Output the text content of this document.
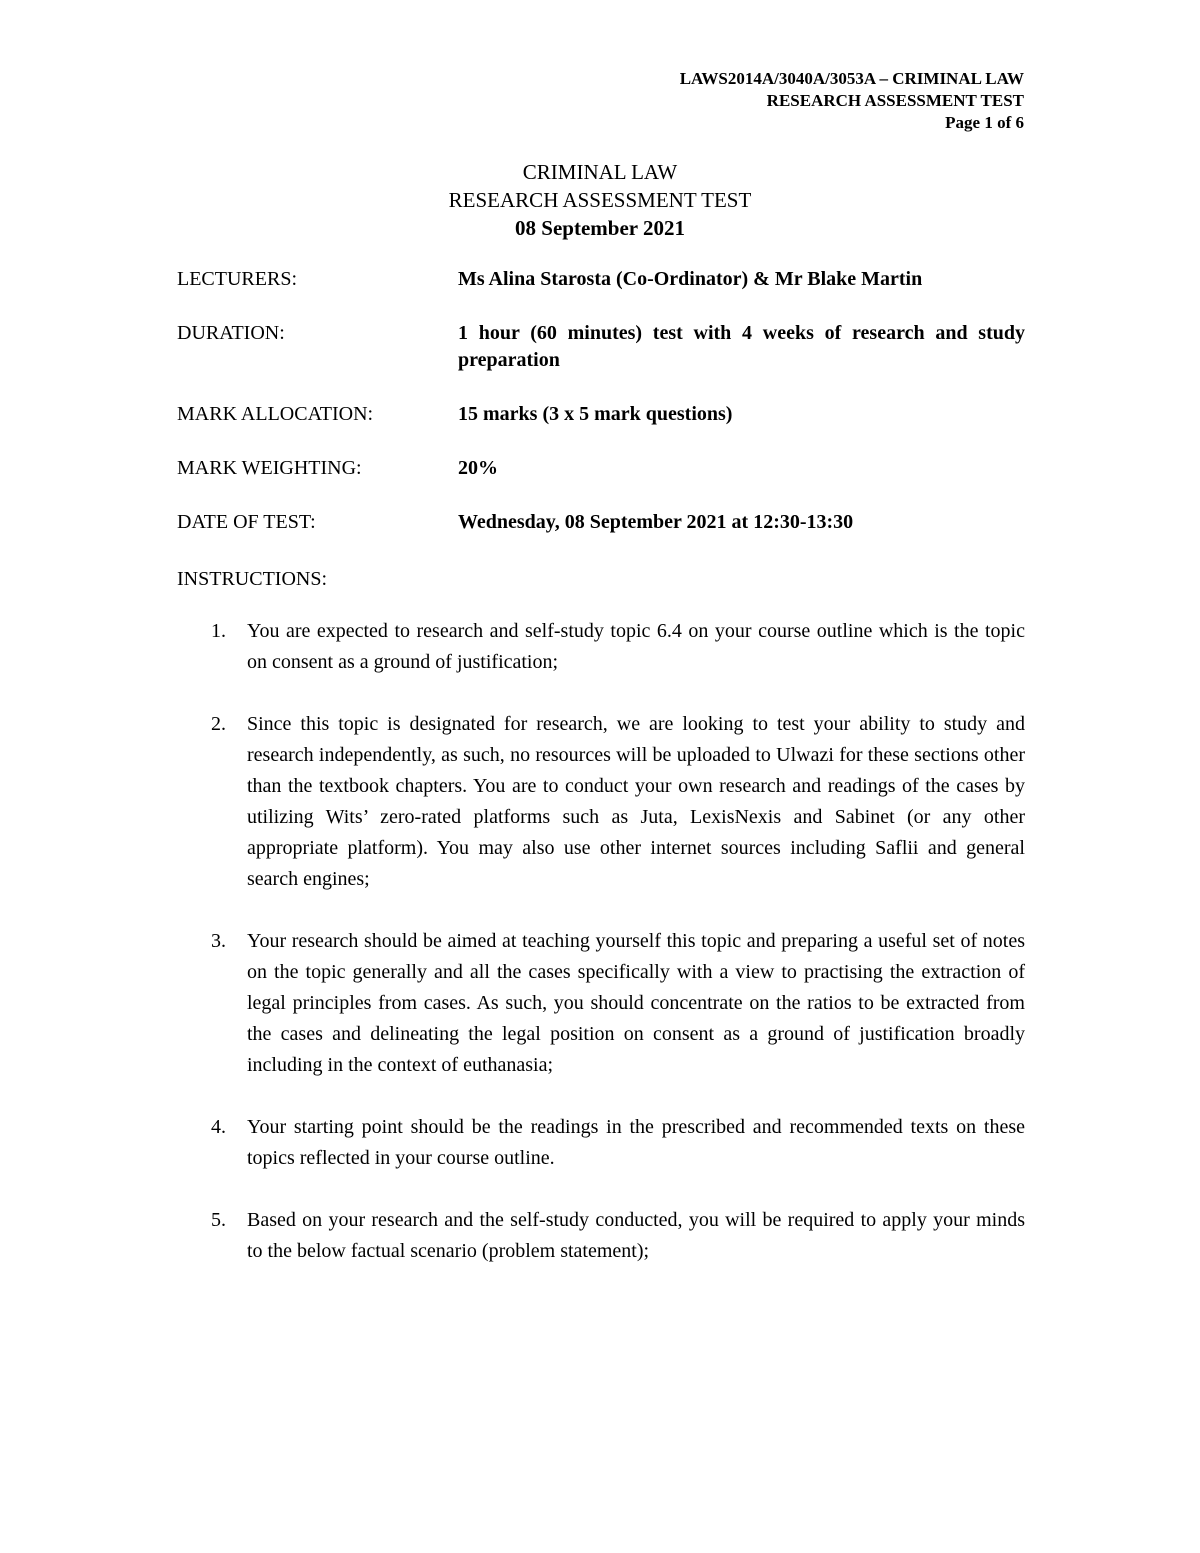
LAWS2014A/3040A/3053A – CRIMINAL LAW
RESEARCH ASSESSMENT TEST
Page 1 of 6
CRIMINAL LAW
RESEARCH ASSESSMENT TEST
08 September 2021
LECTURERS:	Ms Alina Starosta (Co-Ordinator) & Mr Blake Martin
DURATION:	1 hour (60 minutes) test with 4 weeks of research and study preparation
MARK ALLOCATION:	15 marks (3 x 5 mark questions)
MARK WEIGHTING:	20%
DATE OF TEST:	Wednesday, 08 September 2021 at 12:30-13:30
INSTRUCTIONS:
1.	You are expected to research and self-study topic 6.4 on your course outline which is the topic on consent as a ground of justification;
2.	Since this topic is designated for research, we are looking to test your ability to study and research independently, as such, no resources will be uploaded to Ulwazi for these sections other than the textbook chapters. You are to conduct your own research and readings of the cases by utilizing Wits’ zero-rated platforms such as Juta, LexisNexis and Sabinet (or any other appropriate platform). You may also use other internet sources including Saflii and general search engines;
3.	Your research should be aimed at teaching yourself this topic and preparing a useful set of notes on the topic generally and all the cases specifically with a view to practising the extraction of legal principles from cases. As such, you should concentrate on the ratios to be extracted from the cases and delineating the legal position on consent as a ground of justification broadly including in the context of euthanasia;
4.	Your starting point should be the readings in the prescribed and recommended texts on these topics reflected in your course outline.
5.	Based on your research and the self-study conducted, you will be required to apply your minds to the below factual scenario (problem statement);
